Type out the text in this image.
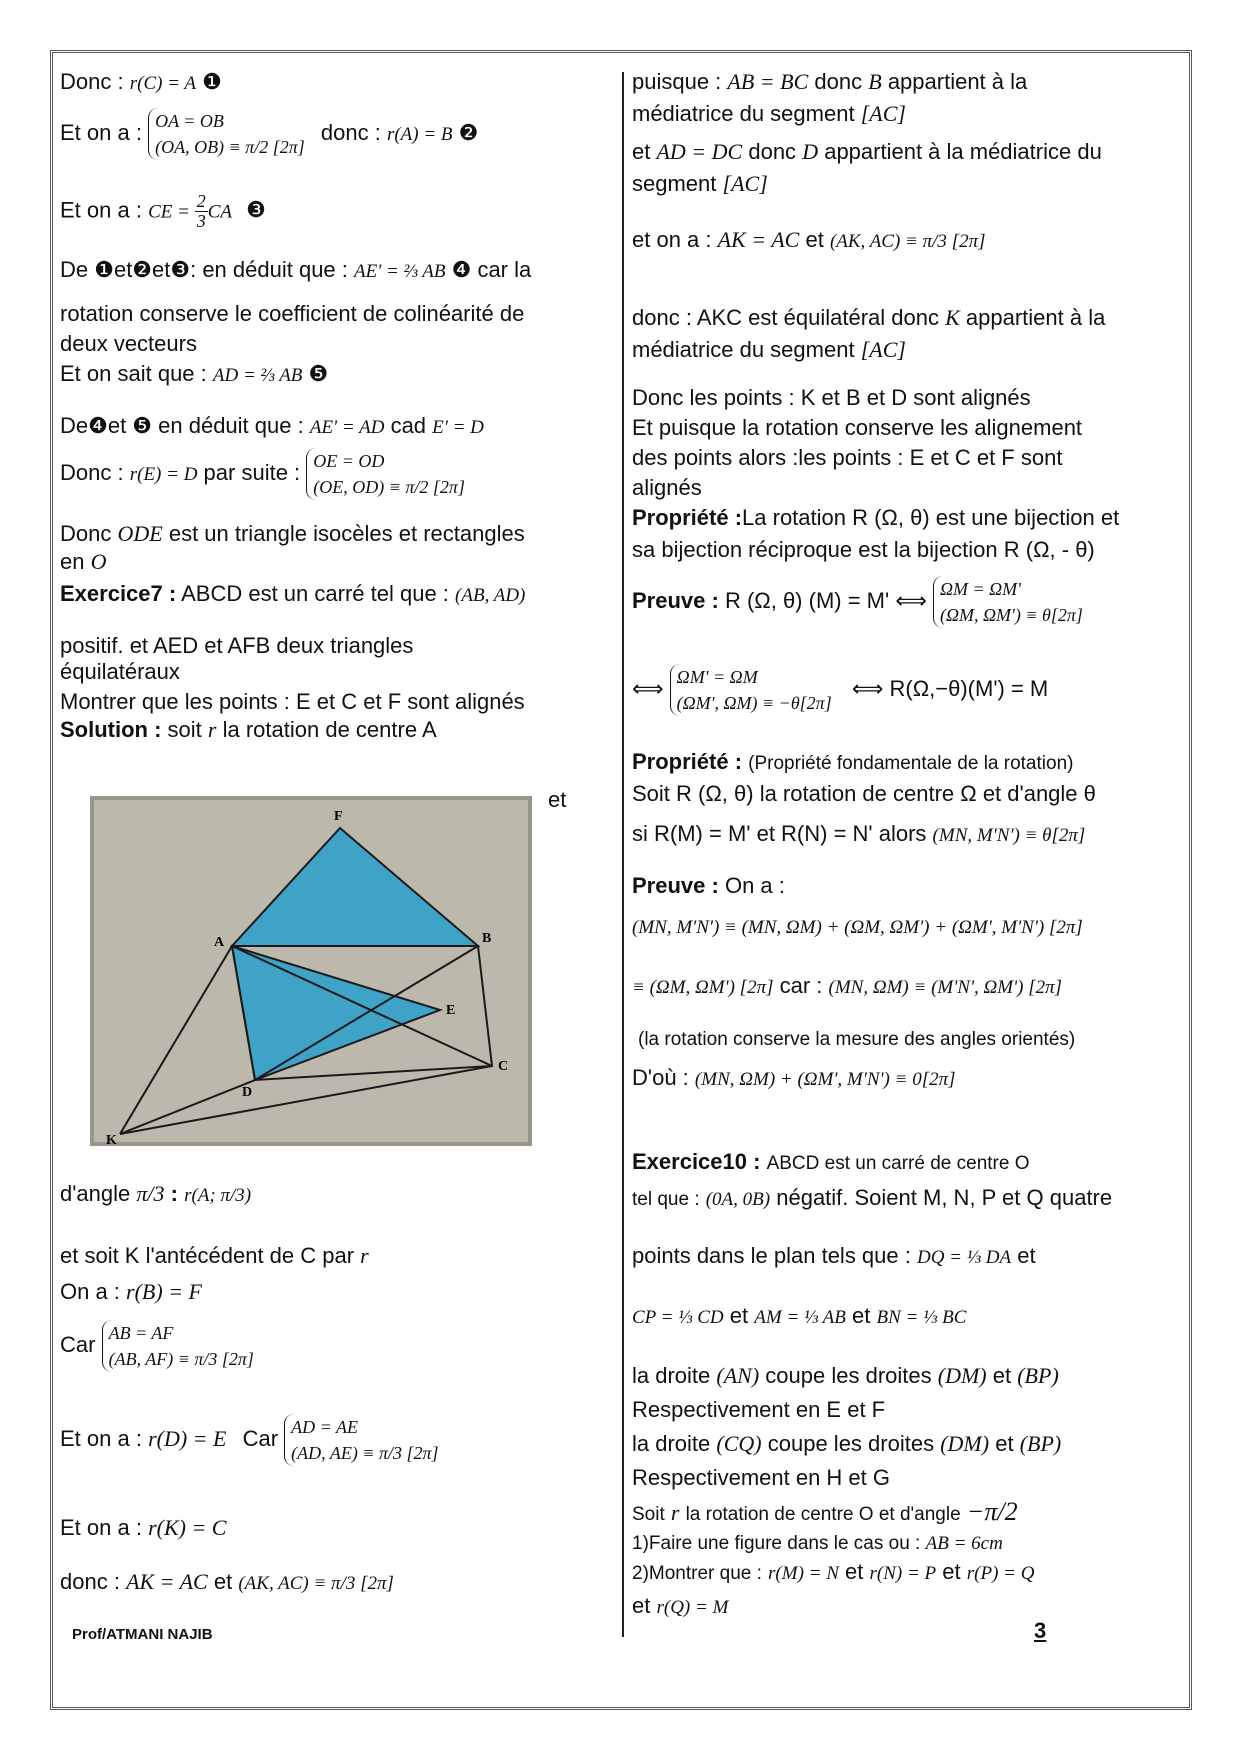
Donc : r(C) = A ❶
Et on a : OA = OB
(OA, OB) ≡ π/2 [2π]
donc : r(A) = B ❷
Et on a : CE = $\frac{2}{3}$ CA ❸
De ❶et❷et❸: en déduit que : AE' = ⅔ AB ❹ car la
rotation conserve le coefficient de colinéarité de
deux vecteurs
Et on sait que : AD = ⅔ AB ❺
De❹et ❺ en déduit que : AE' = AD cad E' = D
Donc : r(E) = D par suite : OE = OD
(OE, OD) ≡ π/2 [2π]
Donc ODE est un triangle isocèles et rectangles
en O
Exercice7 : ABCD est un carré tel que : (AB, AD)
positif. et AED et AFB deux triangles
équilatéraux
Montrer que les points : E et C et F sont alignés
Solution : soit r la rotation de centre A
et
d'angle π/3 : r(A; π/3)
et soit K l'antécédent de C par r
On a : r(B) = F
Car AB = AF
(AB, AF) ≡ π/3 [2π]
Et on a : r(D) = E Car AD = AE
(AD, AE) ≡ π/3 [2π]
Et on a : r(K) = C
donc : AK = AC et (AK, AC) ≡ π/3 [2π]
F
A	B
E
C
D
K
puisque : AB = BC donc B appartient à la
médiatrice du segment [AC]
et AD = DC donc D appartient à la médiatrice du
segment [AC]
et on a : AK = AC et (AK, AC) ≡ π/3 [2π]
donc : AKC est équilatéral donc K appartient à la
médiatrice du segment [AC]
Donc les points : K et B et D sont alignés
Et puisque la rotation conserve les alignement
des points alors :les points : E et C et F sont
alignés
Propriété :La rotation R (Ω, θ) est une bijection et
sa bijection réciproque est la bijection R (Ω, - θ)
Preuve : R (Ω, θ) (M) = M' ⟺ ΩM = ΩM'
(ΩM, ΩM') ≡ θ[2π]
⟺ ΩM' = ΩM
(ΩM', ΩM) ≡ −θ[2π]
⟺ R(Ω,−θ)(M') = M
Propriété : (Propriété fondamentale de la rotation)
Soit R (Ω, θ) la rotation de centre Ω et d'angle θ
si R(M) = M' et R(N) = N' alors (MN, M'N') ≡ θ[2π]
Preuve : On a :
(MN, M'N') ≡ (MN, ΩM) + (ΩM, ΩM') + (ΩM', M'N') [2π]
≡ (ΩM, ΩM') [2π] car : (MN, ΩM) ≡ (M'N', ΩM') [2π]
(la rotation conserve la mesure des angles orientés)
D'où : (MN, ΩM) + (ΩM', M'N') ≡ 0[2π]
Exercice10 : ABCD est un carré de centre O
tel que : (0A, 0B) négatif. Soient M, N, P et Q quatre
points dans le plan tels que : DQ = ⅓ DA et
CP = ⅓ CD et AM = ⅓ AB et BN = ⅓ BC
la droite (AN) coupe les droites (DM) et (BP)
Respectivement en E et F
la droite (CQ) coupe les droites (DM) et (BP)
Respectivement en H et G
Soit r la rotation de centre O et d'angle −π/2
1)Faire une figure dans le cas ou : AB = 6cm
2)Montrer que : r(M) = N et r(N) = P et r(P) = Q
et r(Q) = M
Prof/ATMANI NAJIB	3
